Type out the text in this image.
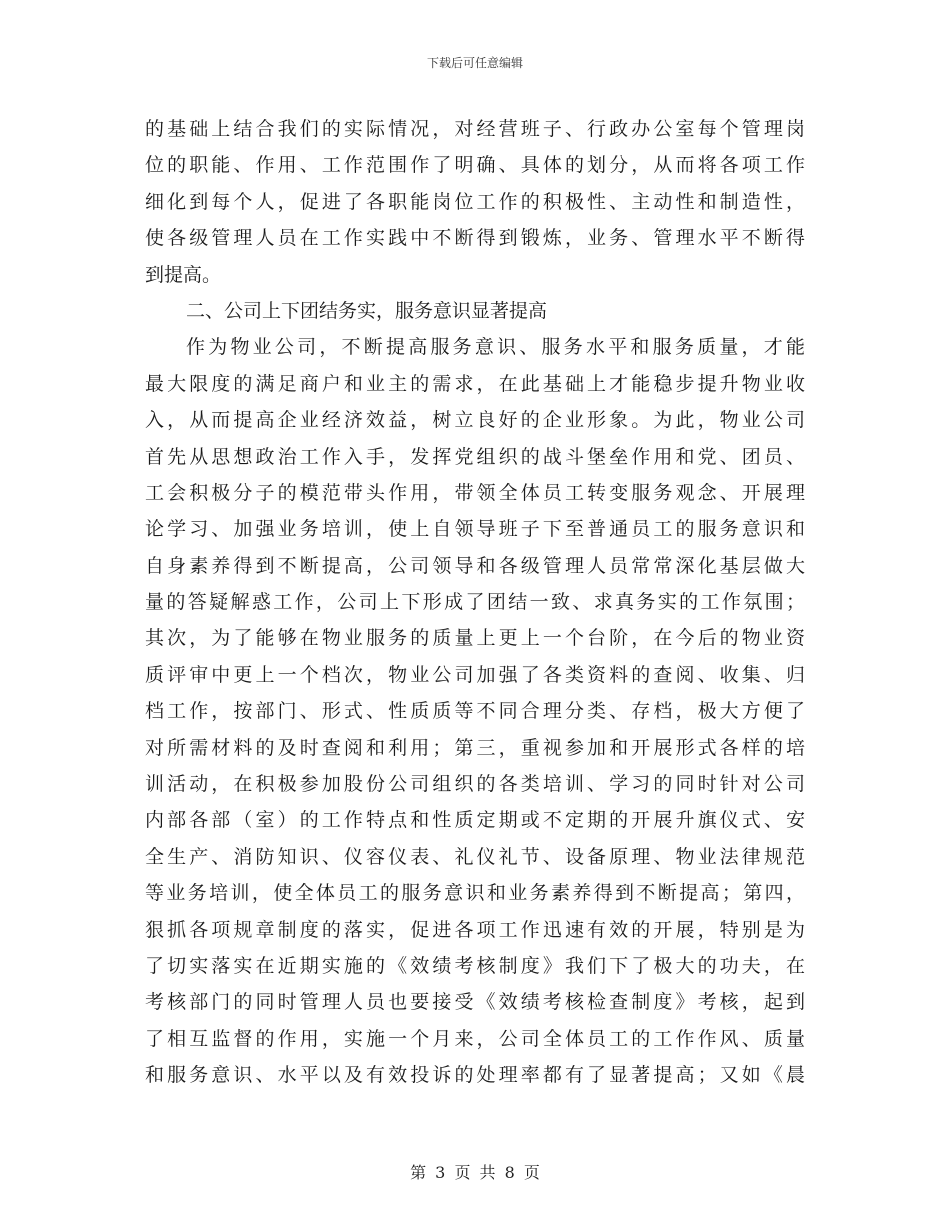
下载后可任意编辑
的基础上结合我们的实际情况，对经营班子、行政办公室每个管理岗
位的职能、作用、工作范围作了明确、具体的划分，从而将各项工作
细化到每个人，促进了各职能岗位工作的积极性、主动性和制造性，
使各级管理人员在工作实践中不断得到锻炼，业务、管理水平不断得
到提高。
二、公司上下团结务实，服务意识显著提高
作为物业公司，不断提高服务意识、服务水平和服务质量，才能
最大限度的满足商户和业主的需求，在此基础上才能稳步提升物业收
入，从而提高企业经济效益，树立良好的企业形象。为此，物业公司
首先从思想政治工作入手，发挥党组织的战斗堡垒作用和党、团员、
工会积极分子的模范带头作用，带领全体员工转变服务观念、开展理
论学习、加强业务培训，使上自领导班子下至普通员工的服务意识和
自身素养得到不断提高，公司领导和各级管理人员常常深化基层做大
量的答疑解惑工作，公司上下形成了团结一致、求真务实的工作氛围；
其次，为了能够在物业服务的质量上更上一个台阶，在今后的物业资
质评审中更上一个档次，物业公司加强了各类资料的查阅、收集、归
档工作，按部门、形式、性质质等不同合理分类、存档，极大方便了
对所需材料的及时查阅和利用；第三，重视参加和开展形式各样的培
训活动，在积极参加股份公司组织的各类培训、学习的同时针对公司
内部各部（室）的工作特点和性质定期或不定期的开展升旗仪式、安
全生产、消防知识、仪容仪表、礼仪礼节、设备原理、物业法律规范
等业务培训，使全体员工的服务意识和业务素养得到不断提高；第四，
狠抓各项规章制度的落实，促进各项工作迅速有效的开展，特别是为
了切实落实在近期实施的《效绩考核制度》我们下了极大的功夫，在
考核部门的同时管理人员也要接受《效绩考核检查制度》考核，起到
了相互监督的作用，实施一个月来，公司全体员工的工作作风、质量
和服务意识、水平以及有效投诉的处理率都有了显著提高；又如《晨
第 3 页 共 8 页
